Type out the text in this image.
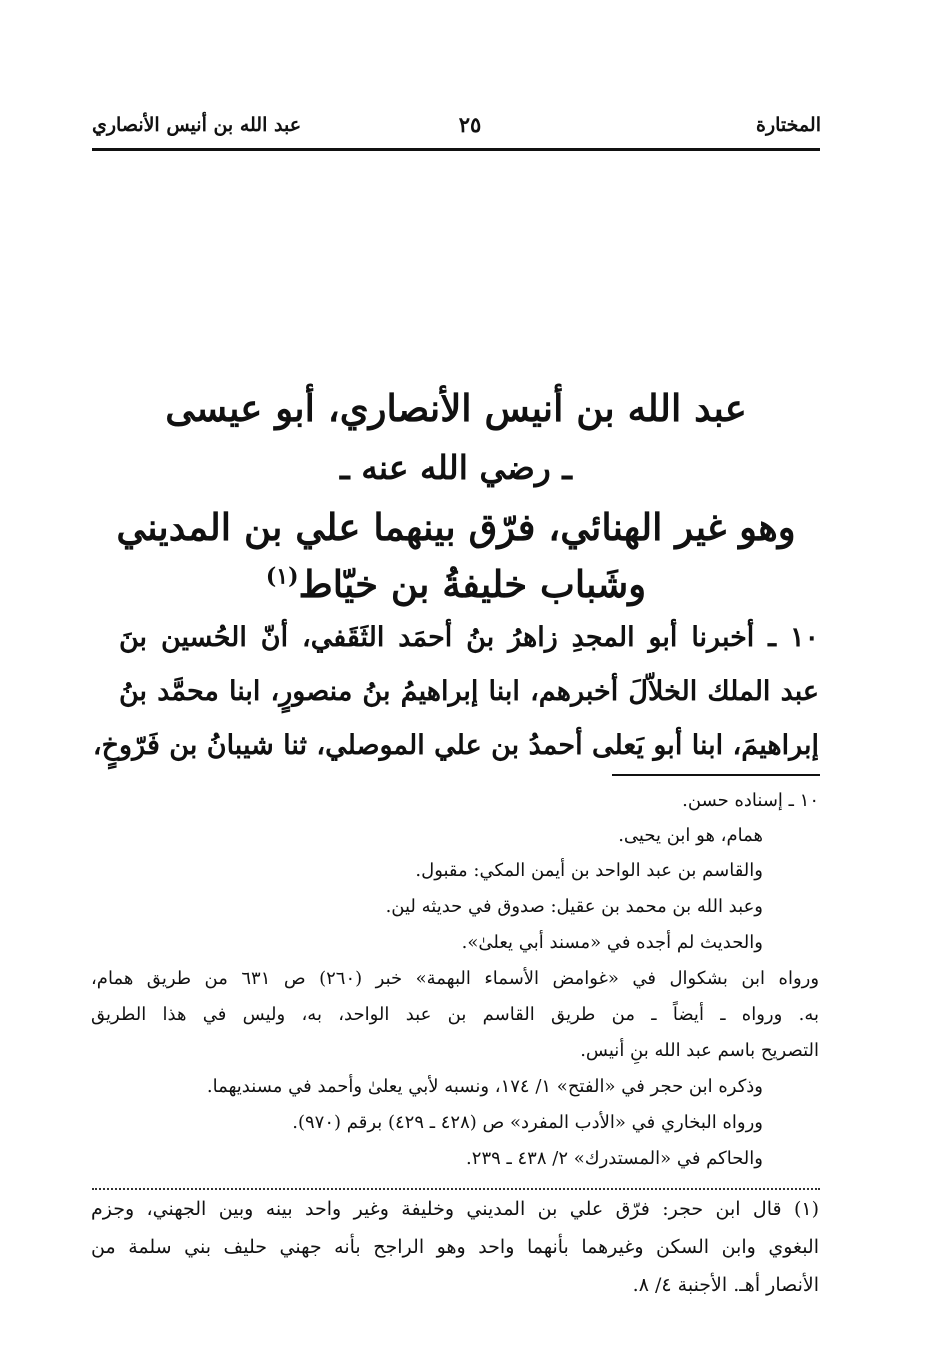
المختارة
٢٥
عبد الله بن أنيس الأنصاري
عبد الله بن أنيس الأنصاري، أبو عيسى
ـ رضي الله عنه ـ
وهو غير الهنائي، فرّق بينهما علي بن المديني
وشَباب خليفةُ بن خيّاط$^{(١)}$
١٠ ـ أخبرنا أبو المجدِ زاهرُ بنُ أحمَد الثَقَفي، أنّ الحُسين بنَ
عبد الملك الخلاّلَ أخبرهم، ابنا إبراهيمُ بنُ منصورٍ، ابنا محمَّد بنُ
إبراهيمَ، ابنا أبو يَعلى أحمدُ بن علي الموصلي، ثنا شيبانُ بن فَرّوخٍ،
١٠ ـ إسناده حسن.
همام، هو ابن يحيى.
والقاسم بن عبد الواحد بن أيمن المكي: مقبول.
وعبد الله بن محمد بن عقيل: صدوق في حديثه لين.
والحديث لم أجده في «مسند أبي يعلىٰ».
ورواه ابن بشكوال في «غوامض الأسماء البهمة» خبر (٢٦٠) ص ٦٣١ من طريق همام،
به. ورواه ـ أيضاً ـ من طريق القاسم بن عبد الواحد، به، وليس في هذا الطريق
التصريح باسم عبد الله بنِ أنيس.
وذكره ابن حجر في «الفتح» ١/ ١٧٤، ونسبه لأبي يعلىٰ وأحمد في مسنديهما.
ورواه البخاري في «الأدب المفرد» ص (٤٢٨ ـ ٤٢٩) برقم (٩٧٠).
والحاكم في «المستدرك» ٢/ ٤٣٨ ـ ٢٣٩.
(١) قال ابن حجر: فرّق علي بن المديني وخليفة وغير واحد بينه وبين الجهني، وجزم
البغوي وابن السكن وغيرهما بأنهما واحد وهو الراجح بأنه جهني حليف بني سلمة من
الأنصار أهـ. الأجنبة ٤/ ٨.
